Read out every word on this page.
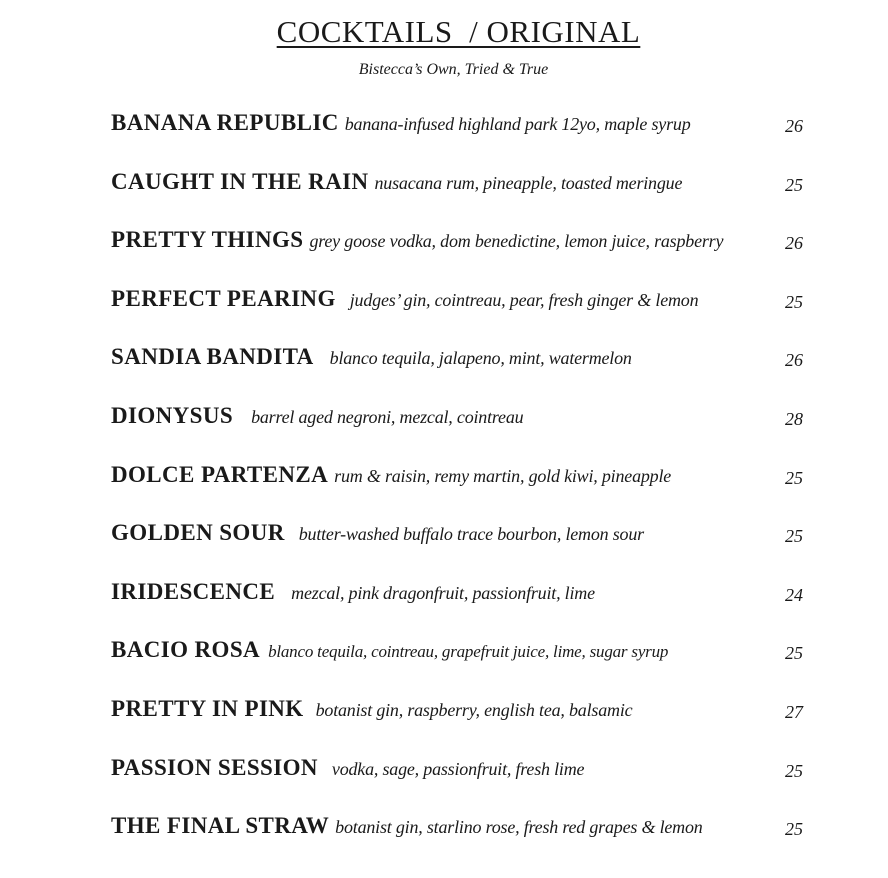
COCKTAILS  / ORIGINAL
Bistecca’s Own, Tried & True
BANANA REPUBLIC banana-infused highland park 12yo, maple syrup	26
CAUGHT IN THE RAIN nusacana rum, pineapple, toasted meringue	25
PRETTY THINGS grey goose vodka, dom benedictine, lemon juice, raspberry	26
PERFECT PEARING judges’ gin, cointreau, pear, fresh ginger & lemon	25
SANDIA BANDITA blanco tequila, jalapeno, mint, watermelon	26
DIONYSUS barrel aged negroni, mezcal, cointreau	28
DOLCE PARTENZA rum & raisin, remy martin, gold kiwi, pineapple	25
GOLDEN SOUR butter-washed buffalo trace bourbon, lemon sour	25
IRIDESCENCE mezcal, pink dragonfruit, passionfruit, lime	24
BACIO ROSA blanco tequila, cointreau, grapefruit juice, lime, sugar syrup	25
PRETTY IN PINK botanist gin, raspberry, english tea, balsamic	27
PASSION SESSION vodka, sage, passionfruit, fresh lime	25
THE FINAL STRAW botanist gin, starlino rose, fresh red grapes & lemon	25
